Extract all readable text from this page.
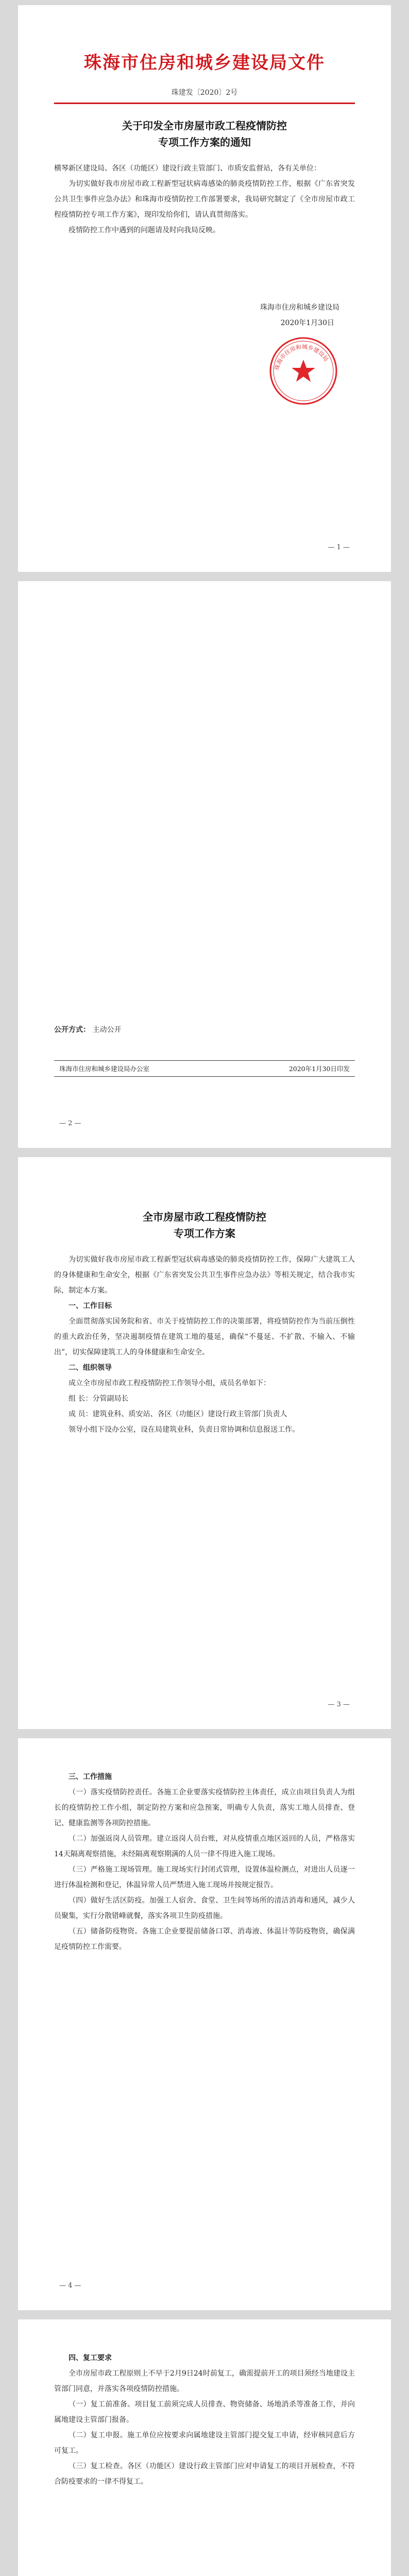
珠海市住房和城乡建设局文件
珠建发〔2020〕2号
关于印发全市房屋市政工程疫情防控
专项工作方案的通知

横琴新区建设局、各区（功能区）建设行政主管部门、市质安监督站，各有关单位：

为切实做好我市房屋市政工程新型冠状病毒感染的肺炎疫情防控工作，根据《广东省突发公共卫生事件应急办法》和珠海市疫情防控工作部署要求，我局研究制定了《全市房屋市政工程疫情防控专项工作方案》，现印发给你们，请认真贯彻落实。

疫情防控工作中遇到的问题请及时向我局反映。

珠海市住房和城乡建设局

2020年1月30日

珠海市住房和城乡建设局
— 1 —
公开方式： 主动公开
珠海市住房和城乡建设局办公室	2020年1月30日印发
— 2 —
全市房屋市政工程疫情防控
专项工作方案

为切实做好我市房屋市政工程新型冠状病毒感染的肺炎疫情防控工作，保障广大建筑工人的身体健康和生命安全，根据《广东省突发公共卫生事件应急办法》等相关规定，结合我市实际，制定本方案。

一、工作目标

全面贯彻落实国务院和省、市关于疫情防控工作的决策部署，将疫情防控作为当前压倒性的重大政治任务，坚决遏制疫情在建筑工地的蔓延，确保“不蔓延、不扩散、不输入、不输出”，切实保障建筑工人的身体健康和生命安全。

二、组织领导

成立全市房屋市政工程疫情防控工作领导小组，成员名单如下：

组 长：分管副局长

成 员：建筑业科、质安站、各区（功能区）建设行政主管部门负责人

领导小组下设办公室，设在局建筑业科，负责日常协调和信息报送工作。

— 3 —

三、工作措施

（一）落实疫情防控责任。各施工企业要落实疫情防控主体责任，成立由项目负责人为组长的疫情防控工作小组，制定防控方案和应急预案，明确专人负责，落实工地人员排查、登记、健康监测等各项防控措施。

（二）加强返岗人员管理。建立返岗人员台账，对从疫情重点地区返回的人员，严格落实14天隔离观察措施，未经隔离观察期满的人员一律不得进入施工现场。

（三）严格施工现场管理。施工现场实行封闭式管理，设置体温检测点，对进出人员逐一进行体温检测和登记，体温异常人员严禁进入施工现场并按规定报告。

（四）做好生活区防疫。加强工人宿舍、食堂、卫生间等场所的清洁消毒和通风，减少人员聚集，实行分散错峰就餐，落实各项卫生防疫措施。

（五）储备防疫物资。各施工企业要提前储备口罩、消毒液、体温计等防疫物资，确保满足疫情防控工作需要。

— 4 —

四、复工要求

全市房屋市政工程原则上不早于2月9日24时前复工，确需提前开工的项目须经当地建设主管部门同意，并落实各项疫情防控措施。

（一）复工前准备。项目复工前须完成人员排查、物资储备、场地消杀等准备工作，并向属地建设主管部门报备。

（二）复工申报。施工单位应按要求向属地建设主管部门提交复工申请，经审核同意后方可复工。

（三）复工检查。各区（功能区）建设行政主管部门应对申请复工的项目开展检查，不符合防疫要求的一律不得复工。
